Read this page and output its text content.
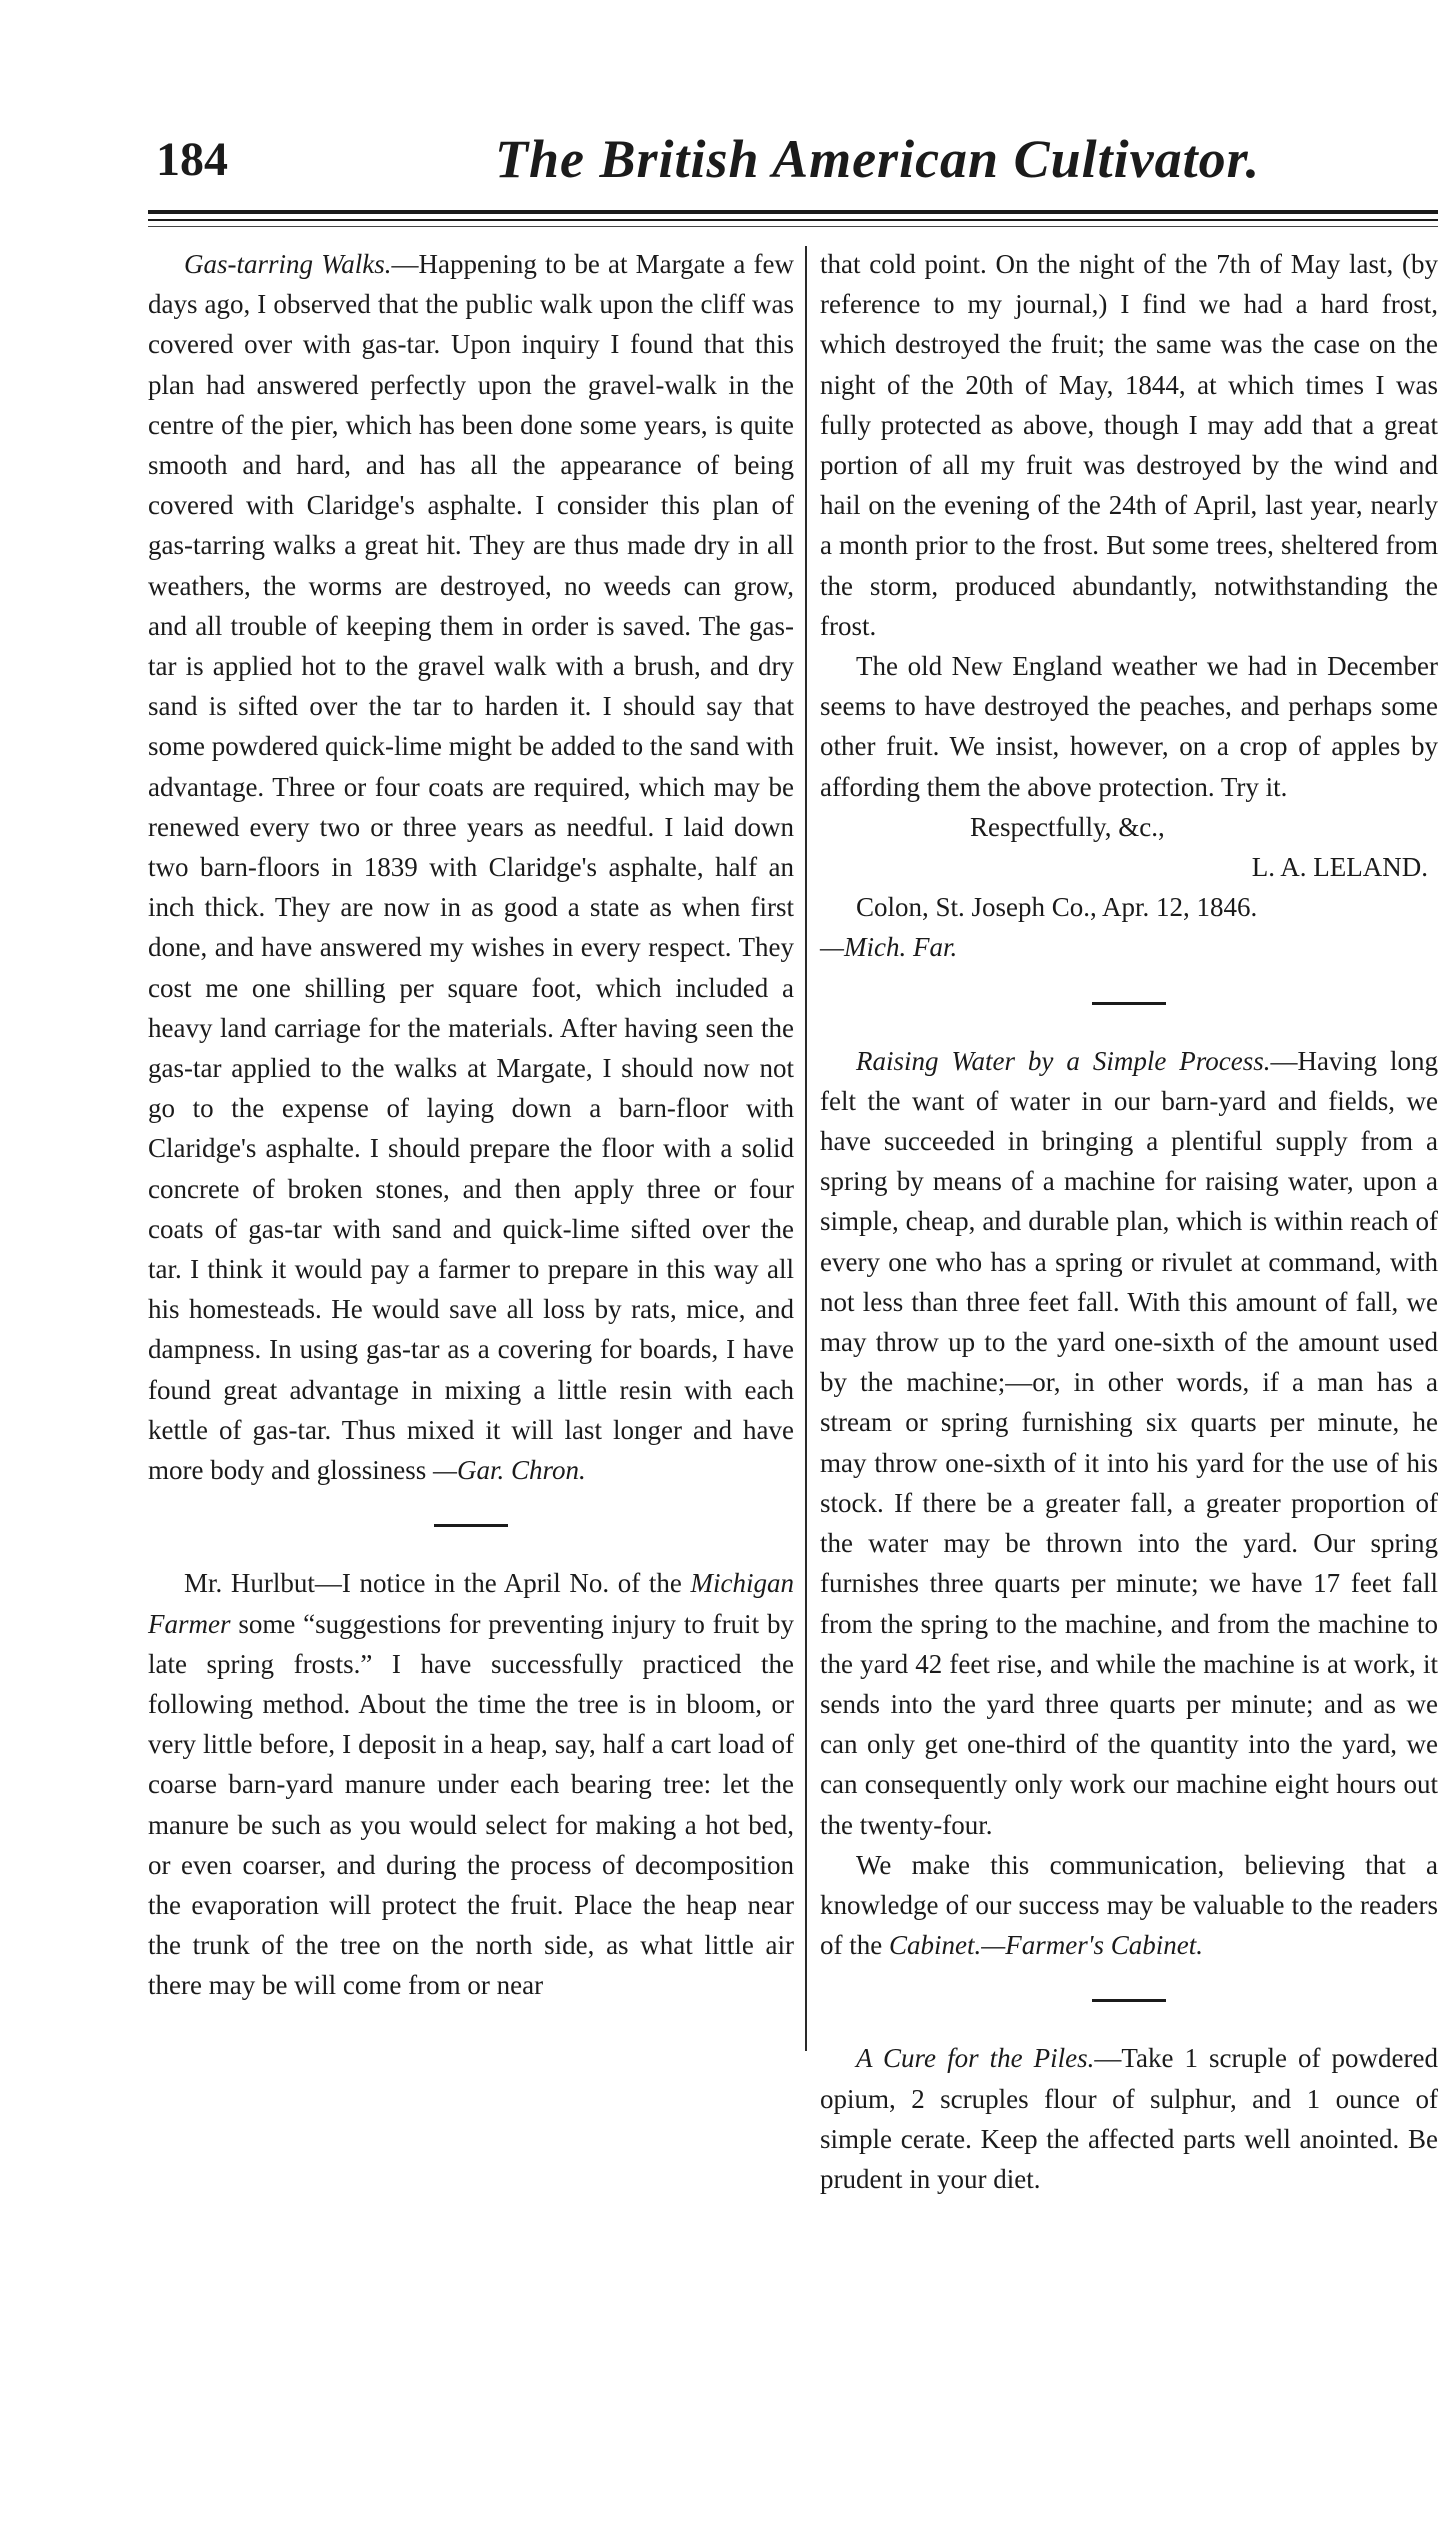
184	The British American Cultivator.

Gas-tarring Walks.—Happening to be at Margate a few days ago, I observed that the public walk upon the cliff was covered over with gas-tar. Upon inquiry I found that this plan had answered perfectly upon the gravel-walk in the centre of the pier, which has been done some years, is quite smooth and hard, and has all the appearance of being covered with Claridge's asphalte. I consider this plan of gas-tarring walks a great hit. They are thus made dry in all weathers, the worms are destroyed, no weeds can grow, and all trouble of keeping them in order is saved. The gas-tar is applied hot to the gravel walk with a brush, and dry sand is sifted over the tar to harden it. I should say that some powdered quick-lime might be added to the sand with advantage. Three or four coats are required, which may be renewed every two or three years as needful. I laid down two barn-floors in 1839 with Claridge's asphalte, half an inch thick. They are now in as good a state as when first done, and have answered my wishes in every respect. They cost me one shilling per square foot, which included a heavy land carriage for the materials. After having seen the gas-tar applied to the walks at Margate, I should now not go to the expense of laying down a barn-floor with Claridge's asphalte. I should prepare the floor with a solid concrete of broken stones, and then apply three or four coats of gas-tar with sand and quick-lime sifted over the tar. I think it would pay a farmer to prepare in this way all his homesteads. He would save all loss by rats, mice, and dampness. In using gas-tar as a covering for boards, I have found great advantage in mixing a little resin with each kettle of gas-tar. Thus mixed it will last longer and have more body and glossiness —Gar. Chron.

Mr. Hurlbut—I notice in the April No. of the Michigan Farmer some “suggestions for preventing injury to fruit by late spring frosts.” I have successfully practiced the following method. About the time the tree is in bloom, or very little before, I deposit in a heap, say, half a cart load of coarse barn-yard manure under each bearing tree: let the manure be such as you would select for making a hot bed, or even coarser, and during the process of decomposition the evaporation will protect the fruit. Place the heap near the trunk of the tree on the north side, as what little air there may be will come from or near

that cold point. On the night of the 7th of May last, (by reference to my journal,) I find we had a hard frost, which destroyed the fruit; the same was the case on the night of the 20th of May, 1844, at which times I was fully protected as above, though I may add that a great portion of all my fruit was destroyed by the wind and hail on the evening of the 24th of April, last year, nearly a month prior to the frost. But some trees, sheltered from the storm, produced abundantly, notwithstanding the frost.

The old New England weather we had in December seems to have destroyed the peaches, and perhaps some other fruit. We insist, however, on a crop of apples by affording them the above protection. Try it.

Respectfully, &c.,

L. A. LELAND.

Colon, St. Joseph Co., Apr. 12, 1846.

—Mich. Far.

Raising Water by a Simple Process.—Having long felt the want of water in our barn-yard and fields, we have succeeded in bringing a plentiful supply from a spring by means of a machine for raising water, upon a simple, cheap, and durable plan, which is within reach of every one who has a spring or rivulet at command, with not less than three feet fall. With this amount of fall, we may throw up to the yard one-sixth of the amount used by the machine;—or, in other words, if a man has a stream or spring furnishing six quarts per minute, he may throw one-sixth of it into his yard for the use of his stock. If there be a greater fall, a greater proportion of the water may be thrown into the yard. Our spring furnishes three quarts per minute; we have 17 feet fall from the spring to the machine, and from the machine to the yard 42 feet rise, and while the machine is at work, it sends into the yard three quarts per minute; and as we can only get one-third of the quantity into the yard, we can consequently only work our machine eight hours out the twenty-four.

We make this communication, believing that a knowledge of our success may be valuable to the readers of the Cabinet.—Farmer's Cabinet.

A Cure for the Piles.—Take 1 scruple of powdered opium, 2 scruples flour of sulphur, and 1 ounce of simple cerate. Keep the affected parts well anointed. Be prudent in your diet.
